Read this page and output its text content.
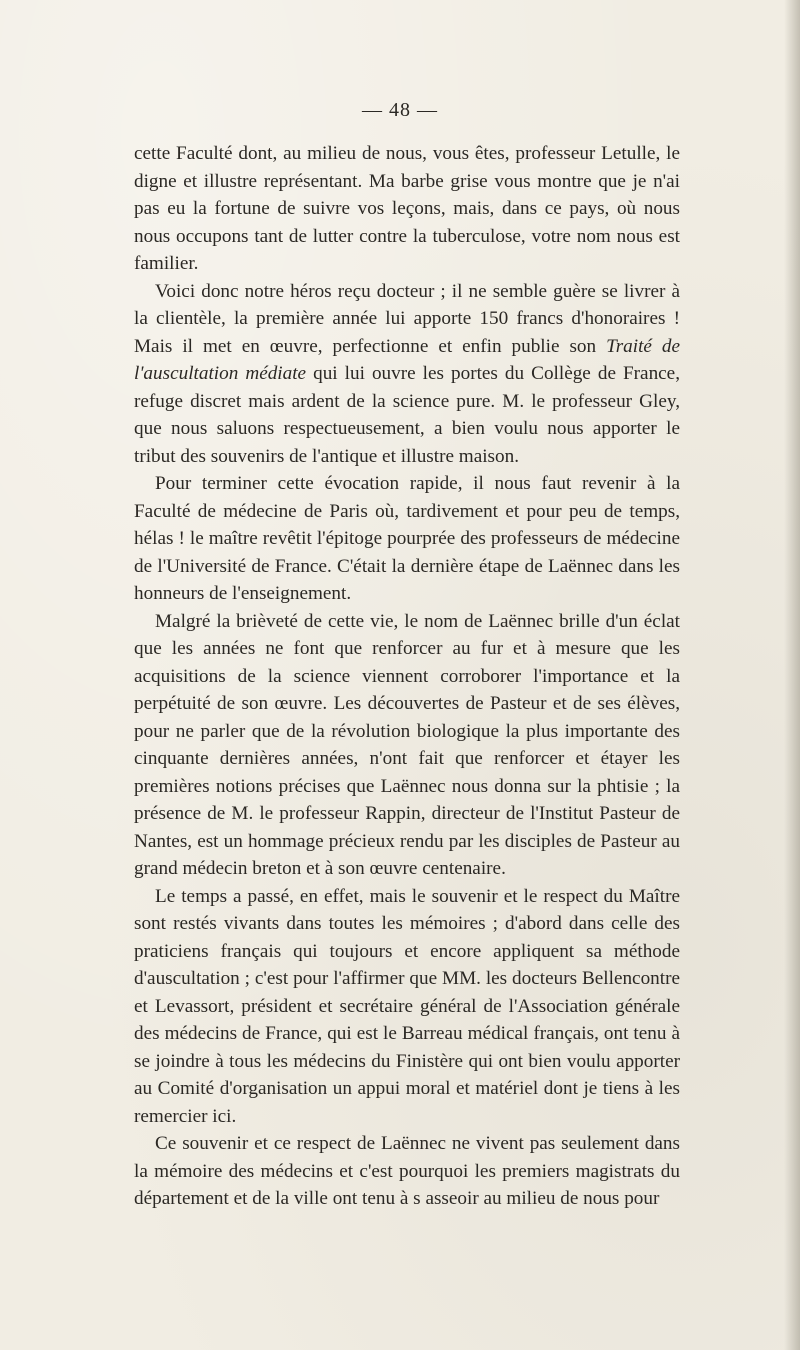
— 48 —

cette Faculté dont, au milieu de nous, vous êtes, professeur Letulle, le digne et illustre représentant. Ma barbe grise vous montre que je n'ai pas eu la fortune de suivre vos leçons, mais, dans ce pays, où nous nous occupons tant de lutter contre la tuberculose, votre nom nous est familier.

Voici donc notre héros reçu docteur ; il ne semble guère se livrer à la clientèle, la première année lui apporte 150 francs d'honoraires ! Mais il met en œuvre, perfectionne et enfin publie son Traité de l'auscultation médiate qui lui ouvre les portes du Collège de France, refuge discret mais ardent de la science pure. M. le professeur Gley, que nous saluons respectueusement, a bien voulu nous apporter le tribut des souvenirs de l'antique et illustre maison.

Pour terminer cette évocation rapide, il nous faut revenir à la Faculté de médecine de Paris où, tardivement et pour peu de temps, hélas ! le maître revêtit l'épitoge pourprée des professeurs de médecine de l'Université de France. C'était la dernière étape de Laënnec dans les honneurs de l'enseignement.

Malgré la brièveté de cette vie, le nom de Laënnec brille d'un éclat que les années ne font que renforcer au fur et à mesure que les acquisitions de la science viennent corroborer l'importance et la perpétuité de son œuvre. Les découvertes de Pasteur et de ses élèves, pour ne parler que de la révolution biologique la plus importante des cinquante dernières années, n'ont fait que renforcer et étayer les premières notions précises que Laënnec nous donna sur la phtisie ; la présence de M. le professeur Rappin, directeur de l'Institut Pasteur de Nantes, est un hommage précieux rendu par les disciples de Pasteur au grand médecin breton et à son œuvre centenaire.

Le temps a passé, en effet, mais le souvenir et le respect du Maître sont restés vivants dans toutes les mémoires ; d'abord dans celle des praticiens français qui toujours et encore appliquent sa méthode d'auscultation ; c'est pour l'affirmer que MM. les docteurs Bellencontre et Levassort, président et secrétaire général de l'Association générale des médecins de France, qui est le Barreau médical français, ont tenu à se joindre à tous les médecins du Finistère qui ont bien voulu apporter au Comité d'organisation un appui moral et matériel dont je tiens à les remercier ici.

Ce souvenir et ce respect de Laënnec ne vivent pas seulement dans la mémoire des médecins et c'est pourquoi les premiers magistrats du département et de la ville ont tenu à s asseoir au milieu de nous pour
